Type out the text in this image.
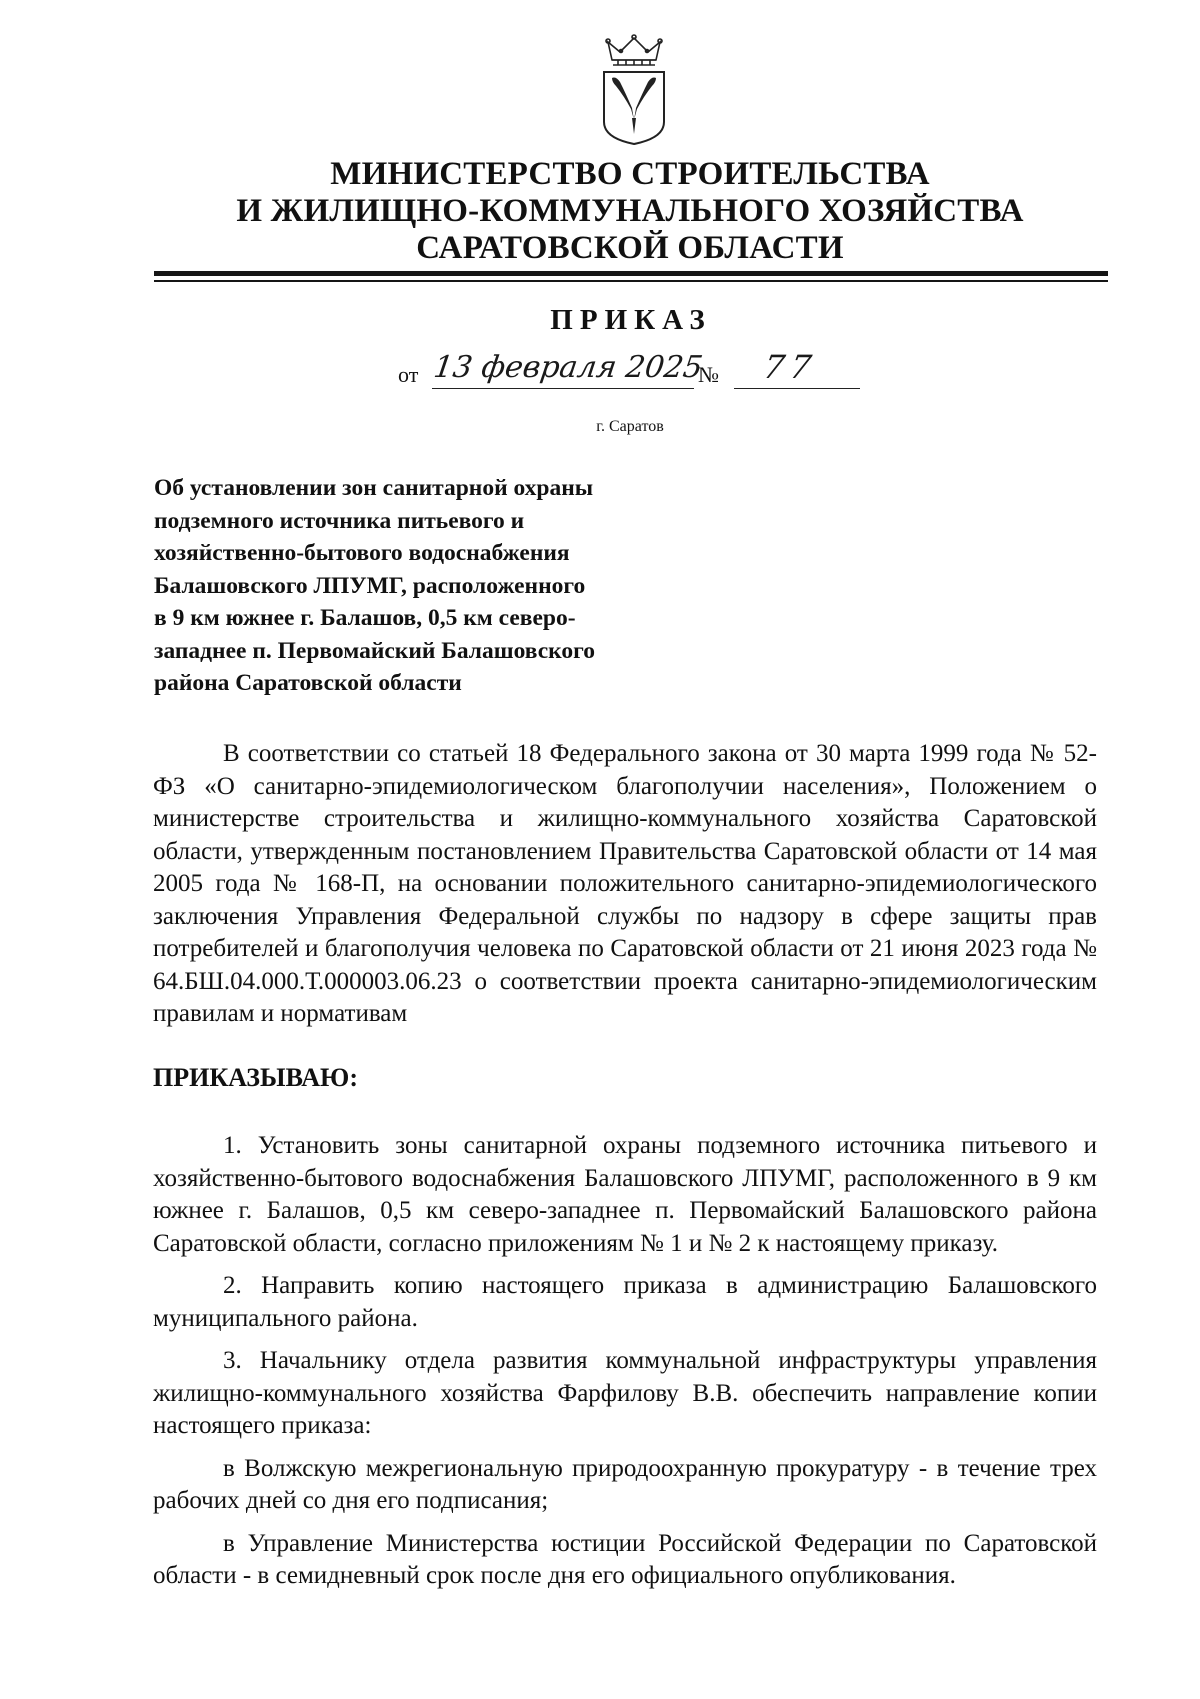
МИНИСТЕРСТВО СТРОИТЕЛЬСТВА
И ЖИЛИЩНО-КОММУНАЛЬНОГО ХОЗЯЙСТВА
САРАТОВСКОЙ ОБЛАСТИ
ПРИКАЗ
от 13 февраля 2025
№ 77
г. Саратов
Об установлении зон санитарной охраны
подземного источника питьевого и
хозяйственно-бытового водоснабжения
Балашовского ЛПУМГ, расположенного
в 9 км южнее г. Балашов, 0,5 км северо-
западнее п. Первомайский Балашовского
района Саратовской области

В соответствии со статьей 18 Федерального закона от 30 марта 1999 года № 52-ФЗ «О санитарно-эпидемиологическом благополучии населения», Положением о министерстве строительства и жилищно-коммунального хозяйства Саратовской области, утвержденным постановлением Правительства Саратовской области от 14 мая 2005 года № 168-П, на основании положительного санитарно-эпидемиологического заключения Управления Федеральной службы по надзору в сфере защиты прав потребителей и благополучия человека по Саратовской области от 21 июня 2023 года № 64.БШ.04.000.Т.000003.06.23 о соответствии проекта санитарно-эпидемиологическим правилам и нормативам

ПРИКАЗЫВАЮ:

1. Установить зоны санитарной охраны подземного источника питьевого и хозяйственно-бытового водоснабжения Балашовского ЛПУМГ, расположенного в 9 км южнее г. Балашов, 0,5 км северо-западнее п. Первомайский Балашовского района Саратовской области, согласно приложениям № 1 и № 2 к настоящему приказу.

2. Направить копию настоящего приказа в администрацию Балашовского муниципального района.

3. Начальнику отдела развития коммунальной инфраструктуры управления жилищно-коммунального хозяйства Фарфилову В.В. обеспечить направление копии настоящего приказа:

в Волжскую межрегиональную природоохранную прокуратуру - в течение трех рабочих дней со дня его подписания;

в Управление Министерства юстиции Российской Федерации по Саратовской области - в семидневный срок после дня его официального опубликования.
